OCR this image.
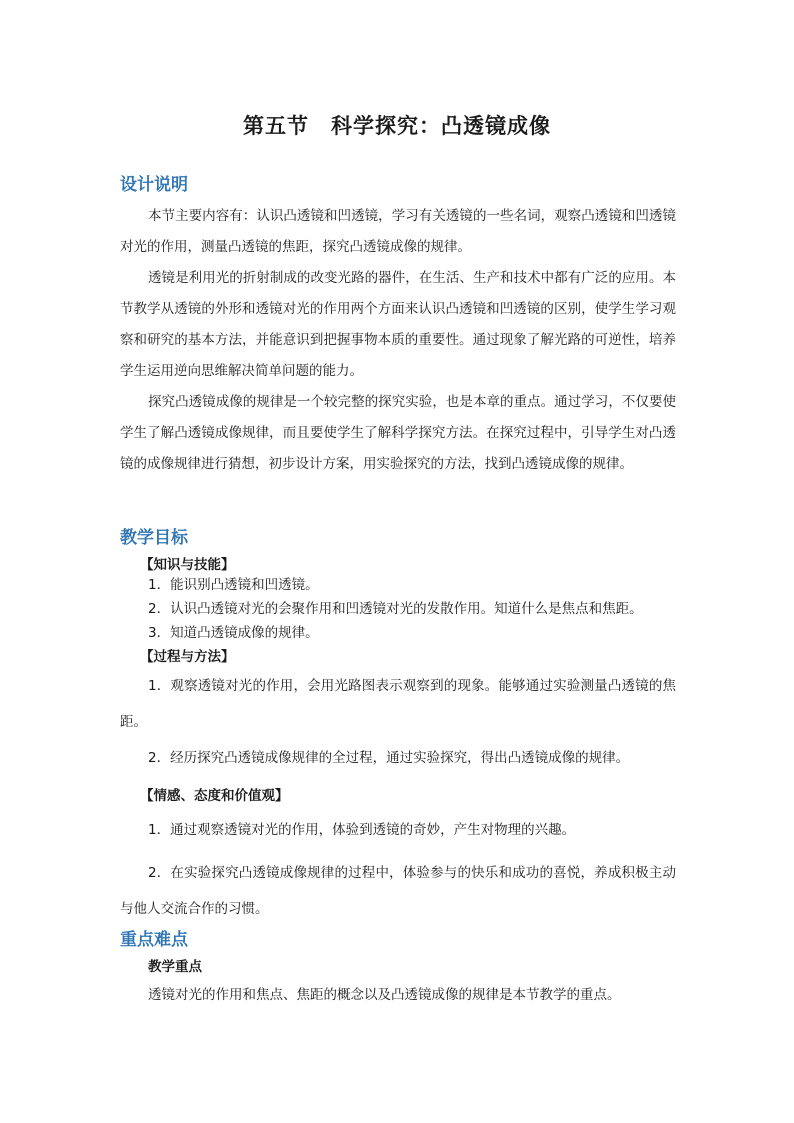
第五节　科学探究：凸透镜成像
设计说明
本节主要内容有：认识凸透镜和凹透镜，学习有关透镜的一些名词，观察凸透镜和凹透镜对光的作用，测量凸透镜的焦距，探究凸透镜成像的规律。
透镜是利用光的折射制成的改变光路的器件，在生活、生产和技术中都有广泛的应用。本节教学从透镜的外形和透镜对光的作用两个方面来认识凸透镜和凹透镜的区别，使学生学习观察和研究的基本方法，并能意识到把握事物本质的重要性。通过现象了解光路的可逆性，培养学生运用逆向思维解决简单问题的能力。
探究凸透镜成像的规律是一个较完整的探究实验，也是本章的重点。通过学习，不仅要使学生了解凸透镜成像规律，而且要使学生了解科学探究方法。在探究过程中，引导学生对凸透镜的成像规律进行猜想，初步设计方案，用实验探究的方法，找到凸透镜成像的规律。
教学目标
【知识与技能】
1．能识别凸透镜和凹透镜。
2．认识凸透镜对光的会聚作用和凹透镜对光的发散作用。知道什么是焦点和焦距。
3．知道凸透镜成像的规律。
【过程与方法】
1．观察透镜对光的作用，会用光路图表示观察到的现象。能够通过实验测量凸透镜的焦距。
2．经历探究凸透镜成像规律的全过程，通过实验探究，得出凸透镜成像的规律。
【情感、态度和价值观】
1．通过观察透镜对光的作用，体验到透镜的奇妙，产生对物理的兴趣。
2．在实验探究凸透镜成像规律的过程中，体验参与的快乐和成功的喜悦，养成积极主动与他人交流合作的习惯。
重点难点
教学重点
透镜对光的作用和焦点、焦距的概念以及凸透镜成像的规律是本节教学的重点。
